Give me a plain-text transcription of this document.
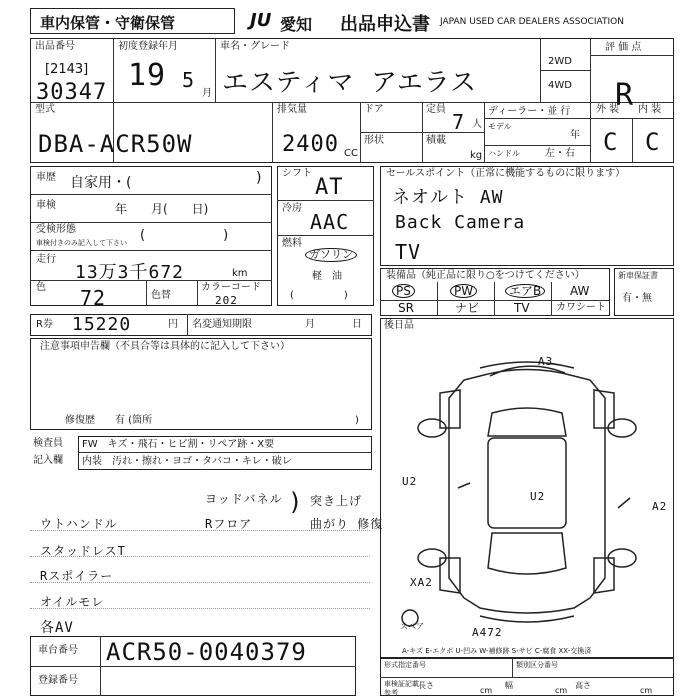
車内保管・守衛保管	JU 愛知 出品申込書 JAPAN USED CAR DEALERS ASSOCIATION
出品番号
[2143]
30347
初度登録年月
19 5
月
車名・グレード
エスティマ アエラス
2WD
4WD
評 価 点
R
型式
DBA-ACR50W
排気量
2400 CC
ドア
形状
定員
7 人
積載
kg
ディーラー・並 行
モデル
年
ハンドル	左・右
外 装 内 装
C C
車歴 自家用・(	)
車検	年　　月(　　日)
受検形態
車検付きのみ記入して下さい (　　　　　　)
走行
13万3千672	km
色 72	色替
カラーコード
202
R券 15220	円 名変通知期限	月	日
注意事項申告欄（不具合等は具体的に記入して下さい）
修復歴 有 (箇所	)
検査員
記入欄
FW　キズ・飛石・ヒビ割・リペア跡・X要
内装　汚れ・擦れ・ヨゴ・タバコ・キレ・破レ
ヨッドバネル
Rフロア
突き上げ
曲がり 修復
)
ウトハンドル
スタッドレスT
Rスポイラー
オイルモレ
各AV
シフト
AT
冷房
AAC
燃料
ガソリン
軽　油
(　　　　　)
セールスポイント（正常に機能するものに限ります）
ネオルト AW
Back Camera
TV
装備品（純正品に限り○をつけてください）
PS	PW	エアB	AW
SR	ナビ	TV	カワシート
新車保証書
有・無
後日品
A3
U2
U2
A2
XA2
A472
スペア
A-キズ E-エクボ U-凹み W-補修跡 S-サビ C-腐食 XX-交換済
車台番号 ACR50-0040379
登録番号
形式指定番号	類別区分番号
車検証記載
参考
長さ
cm
幅
cm
高さ
cm
